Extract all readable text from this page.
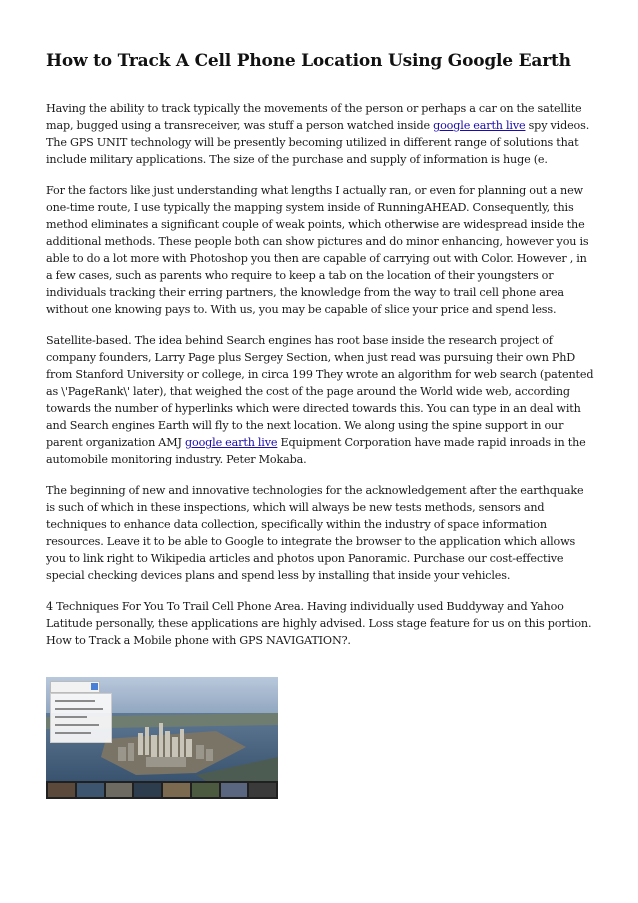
How to Track A Cell Phone Location Using Google Earth

Having the ability to track typically the movements of the person or perhaps a car on the satellite map, bugged using a transreceiver, was stuff a person watched inside google earth live spy videos. The GPS UNIT technology will be presently becoming utilized in different range of solutions that include military applications. The size of the purchase and supply of information is huge (e.

For the factors like just understanding what lengths I actually ran, or even for planning out a new one-time route, I use typically the mapping system inside of RunningAHEAD. Consequently, this method eliminates a significant couple of weak points, which otherwise are widespread inside the additional methods. These people both can show pictures and do minor enhancing, however you is able to do a lot more with Photoshop you then are capable of carrying out with Color. However , in a few cases, such as parents who require to keep a tab on the location of their youngsters or individuals tracking their erring partners, the knowledge from the way to trail cell phone area without one knowing pays to. With us, you may be capable of slice your price and spend less.

Satellite-based. The idea behind Search engines has root base inside the research project of company founders, Larry Page plus Sergey Section, when just read was pursuing their own PhD from Stanford University or college, in circa 199 They wrote an algorithm for web search (patented as \'PageRank\' later), that weighed the cost of the page around the World wide web, according towards the number of hyperlinks which were directed towards this. You can type in an deal with and Search engines Earth will fly to the next location. We along using the spine support in our parent organization AMJ google earth live Equipment Corporation have made rapid inroads in the automobile monitoring industry. Peter Mokaba.

The beginning of new and innovative technologies for the acknowledgement after the earthquake is such of which in these inspections, which will always be new tests methods, sensors and techniques to enhance data collection, specifically within the industry of space information resources. Leave it to be able to Google to integrate the browser to the application which allows you to link right to Wikipedia articles and photos upon Panoramic. Purchase our cost-effective special checking devices plans and spend less by installing that inside your vehicles.

4 Techniques For You To Trail Cell Phone Area. Having individually used Buddyway and Yahoo Latitude personally, these applications are highly advised. Loss stage feature for us on this portion. How to Track a Mobile phone with GPS NAVIGATION?.
